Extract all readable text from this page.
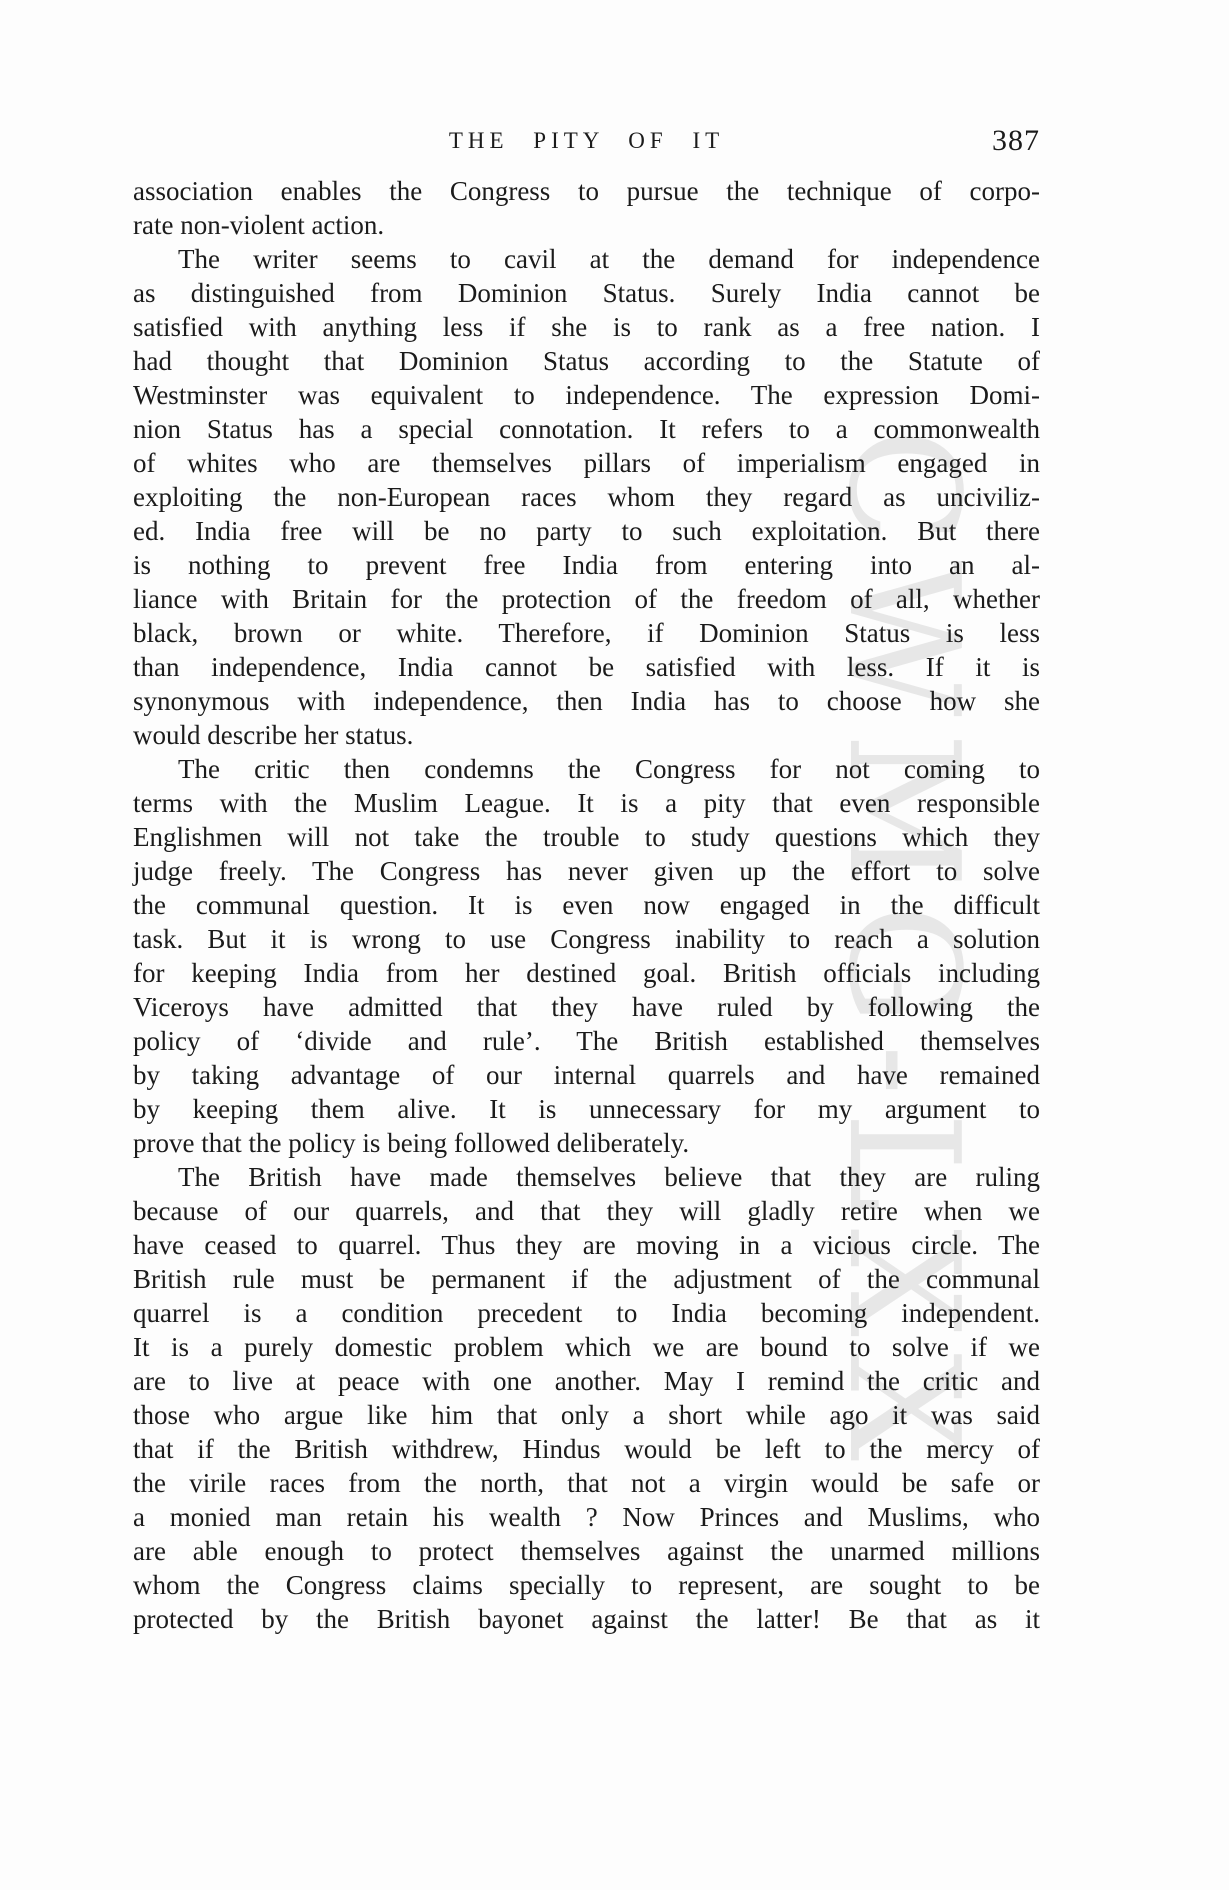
CWMG-LXX
THE PITY OF IT	387
association enables the Congress to pursue the technique of corpo-
rate non-violent action.
The writer seems to cavil at the demand for independence
as distinguished from Dominion Status. Surely India cannot be
satisfied with anything less if she is to rank as a free nation. I
had thought that Dominion Status according to the Statute of
Westminster was equivalent to independence. The expression Domi-
nion Status has a special connotation. It refers to a commonwealth
of whites who are themselves pillars of imperialism engaged in
exploiting the non-European races whom they regard as unciviliz-
ed. India free will be no party to such exploitation. But there
is nothing to prevent free India from entering into an al-
liance with Britain for the protection of the freedom of all, whether
black, brown or white. Therefore, if Dominion Status is less
than independence, India cannot be satisfied with less. If it is
synonymous with independence, then India has to choose how she
would describe her status.
The critic then condemns the Congress for not coming to
terms with the Muslim League. It is a pity that even responsible
Englishmen will not take the trouble to study questions which they
judge freely. The Congress has never given up the effort to solve
the communal question. It is even now engaged in the difficult
task. But it is wrong to use Congress inability to reach a solution
for keeping India from her destined goal. British officials including
Viceroys have admitted that they have ruled by following the
policy of ‘divide and rule’. The British established themselves
by taking advantage of our internal quarrels and have remained
by keeping them alive. It is unnecessary for my argument to
prove that the policy is being followed deliberately.
The British have made themselves believe that they are ruling
because of our quarrels, and that they will gladly retire when we
have ceased to quarrel. Thus they are moving in a vicious circle. The
British rule must be permanent if the adjustment of the communal
quarrel is a condition precedent to India becoming independent.
It is a purely domestic problem which we are bound to solve if we
are to live at peace with one another. May I remind the critic and
those who argue like him that only a short while ago it was said
that if the British withdrew, Hindus would be left to the mercy of
the virile races from the north, that not a virgin would be safe or
a monied man retain his wealth ? Now Princes and Muslims, who
are able enough to protect themselves against the unarmed millions
whom the Congress claims specially to represent, are sought to be
protected by the British bayonet against the latter! Be that as it
